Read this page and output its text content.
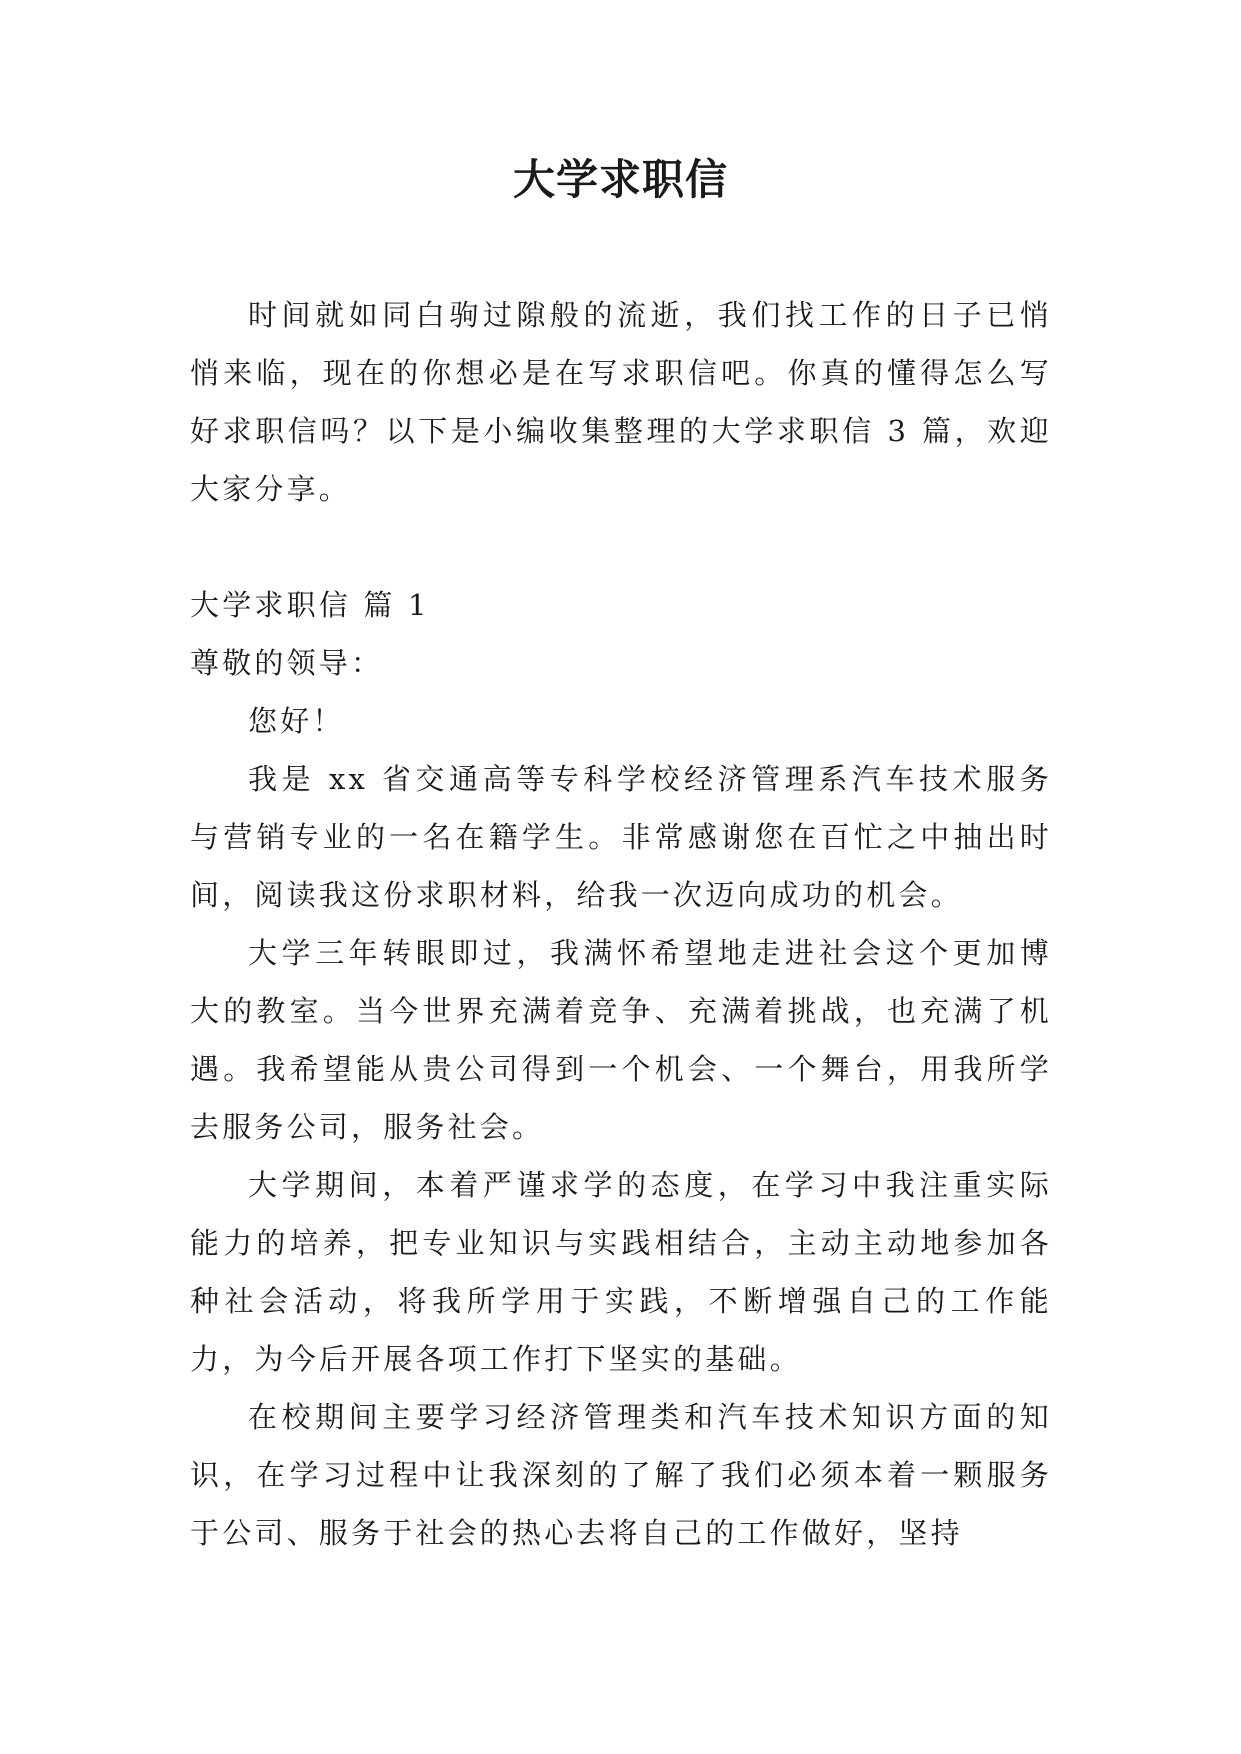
大学求职信

时间就如同白驹过隙般的流逝，我们找工作的日子已悄悄来临，现在的你想必是在写求职信吧。你真的懂得怎么写好求职信吗？以下是小编收集整理的大学求职信 3 篇，欢迎大家分享。

大学求职信 篇 1

尊敬的领导：

您好！

我是 xx 省交通高等专科学校经济管理系汽车技术服务与营销专业的一名在籍学生。非常感谢您在百忙之中抽出时间，阅读我这份求职材料，给我一次迈向成功的机会。

大学三年转眼即过，我满怀希望地走进社会这个更加博大的教室。当今世界充满着竞争、充满着挑战，也充满了机遇。我希望能从贵公司得到一个机会、一个舞台，用我所学去服务公司，服务社会。

大学期间，本着严谨求学的态度，在学习中我注重实际能力的培养，把专业知识与实践相结合，主动主动地参加各种社会活动，将我所学用于实践，不断增强自己的工作能力，为今后开展各项工作打下坚实的基础。

在校期间主要学习经济管理类和汽车技术知识方面的知识，在学习过程中让我深刻的了解了我们必须本着一颗服务于公司、服务于社会的热心去将自己的工作做好，坚持
